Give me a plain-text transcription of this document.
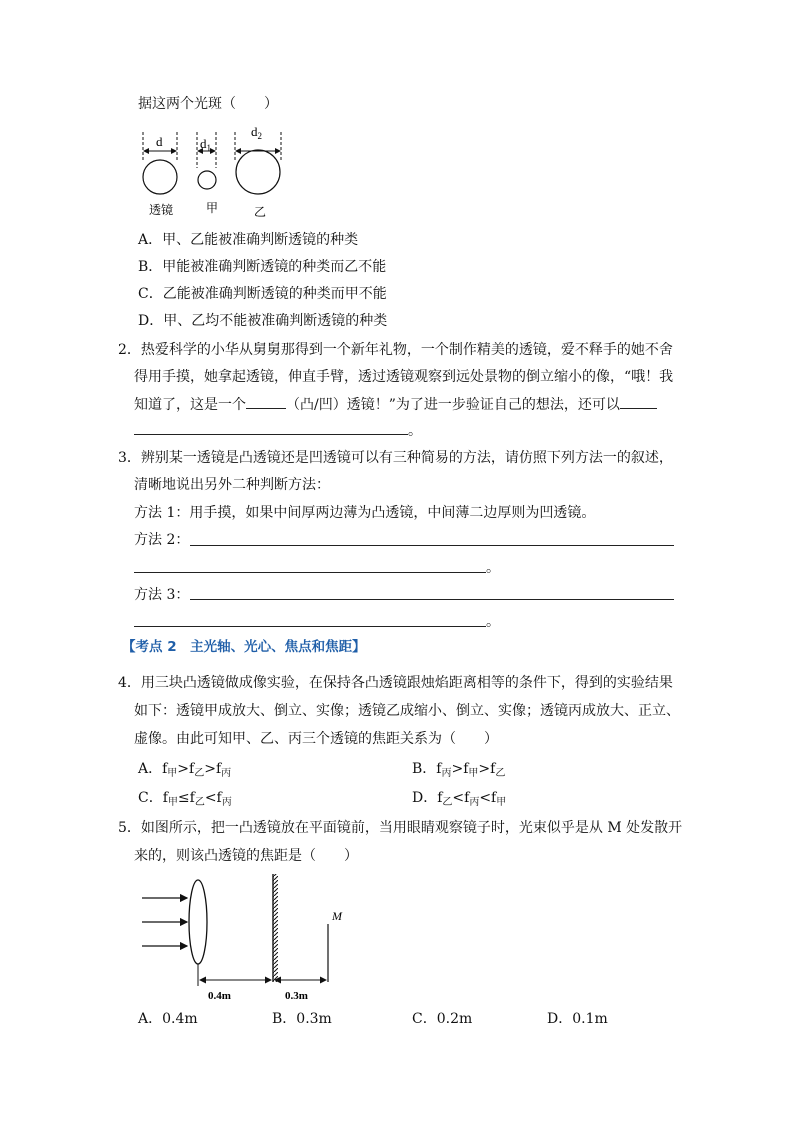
据这两个光斑（　　）
d	$d_1$
$d_2$
透镜	甲	乙
A．甲、乙能被准确判断透镜的种类
B．甲能被准确判断透镜的种类而乙不能
C．乙能被准确判断透镜的种类而甲不能
D．甲、乙均不能被准确判断透镜的种类
2．热爱科学的小华从舅舅那得到一个新年礼物，一个制作精美的透镜，爱不释手的她不舍
得用手摸，她拿起透镜，伸直手臂，透过透镜观察到远处景物的倒立缩小的像，“哦！我
知道了，这是一个	（凸/凹）透镜！”为了进一步验证自己的想法，还可以
。
3．辨别某一透镜是凸透镜还是凹透镜可以有三种简易的方法，请仿照下列方法一的叙述，
清晰地说出另外二种判断方法：
方法 1：用手摸，如果中间厚两边薄为凸透镜，中间薄二边厚则为凹透镜。
方法 2：
。
方法 3：
。
【考点 2　主光轴、光心、焦点和焦距】
4．用三块凸透镜做成像实验，在保持各凸透镜跟烛焰距离相等的条件下，得到的实验结果
如下：透镜甲成放大、倒立、实像；透镜乙成缩小、倒立、实像；透镜丙成放大、正立、
虚像。由此可知甲、乙、丙三个透镜的焦距关系为（　　）
A．$f_甲>f_乙>f_丙$	B．$f_丙>f_甲>f_乙$
C．$f_甲\le f_乙<f_丙$	D．$f_乙<f_丙<f_甲$
5．如图所示，把一凸透镜放在平面镜前，当用眼睛观察镜子时，光束似乎是从 M 处发散开
来的，则该凸透镜的焦距是（　　）
M
0.4m	0.3m
A．0.4m	B．0.3m	C．0.2m	D．0.1m
